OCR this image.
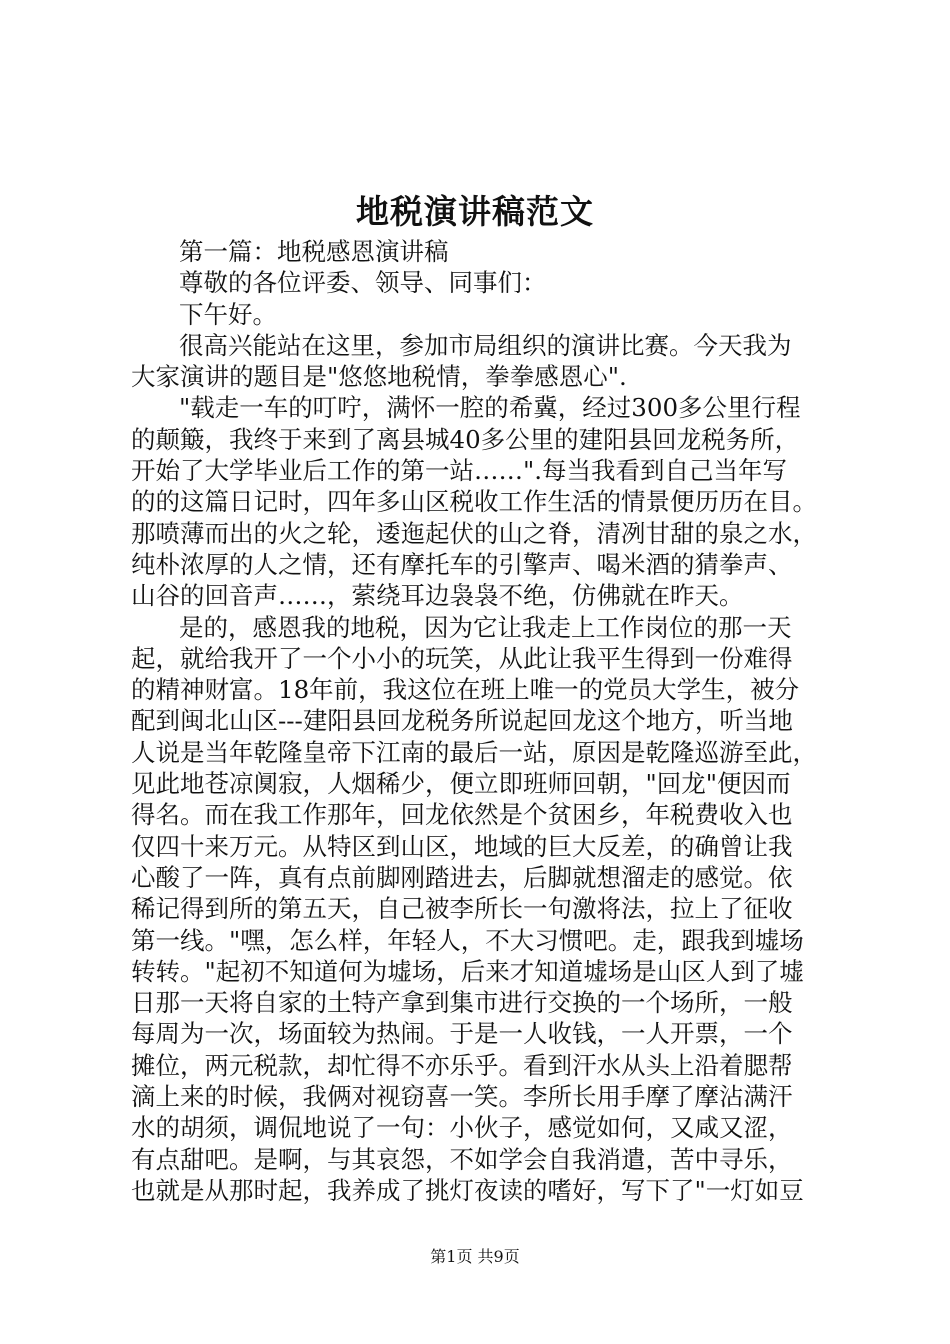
地税演讲稿范文
第一篇：地税感恩演讲稿
尊敬的各位评委、领导、同事们：
下午好。
很高兴能站在这里，参加市局组织的演讲比赛。今天我为
大家演讲的题目是"悠悠地税情，拳拳感恩心".
"载走一车的叮咛，满怀一腔的希冀，经过300多公里行程
的颠簸，我终于来到了离县城40多公里的建阳县回龙税务所，
开始了大学毕业后工作的第一站……".每当我看到自己当年写
的的这篇日记时，四年多山区税收工作生活的情景便历历在目。
那喷薄而出的火之轮，逶迤起伏的山之脊，清冽甘甜的泉之水，
纯朴浓厚的人之情，还有摩托车的引擎声、喝米酒的猜拳声、
山谷的回音声……，萦绕耳边袅袅不绝，仿佛就在昨天。
是的，感恩我的地税，因为它让我走上工作岗位的那一天
起，就给我开了一个小小的玩笑，从此让我平生得到一份难得
的精神财富。18年前，我这位在班上唯一的党员大学生，被分
配到闽北山区---建阳县回龙税务所说起回龙这个地方，听当地
人说是当年乾隆皇帝下江南的最后一站，原因是乾隆巡游至此，
见此地苍凉阒寂，人烟稀少，便立即班师回朝，"回龙"便因而
得名。而在我工作那年，回龙依然是个贫困乡，年税费收入也
仅四十来万元。从特区到山区，地域的巨大反差，的确曾让我
心酸了一阵，真有点前脚刚踏进去，后脚就想溜走的感觉。依
稀记得到所的第五天，自己被李所长一句激将法，拉上了征收
第一线。"嘿，怎么样，年轻人，不大习惯吧。走，跟我到墟场
转转。"起初不知道何为墟场，后来才知道墟场是山区人到了墟
日那一天将自家的土特产拿到集市进行交换的一个场所，一般
每周为一次，场面较为热闹。于是一人收钱，一人开票，一个
摊位，两元税款，却忙得不亦乐乎。看到汗水从头上沿着腮帮
滴上来的时候，我俩对视窃喜一笑。李所长用手摩了摩沾满汗
水的胡须，调侃地说了一句：小伙子，感觉如何，又咸又涩，
有点甜吧。是啊，与其哀怨，不如学会自我消遣，苦中寻乐，
也就是从那时起，我养成了挑灯夜读的嗜好，写下了"一灯如豆
第1页 共9页
